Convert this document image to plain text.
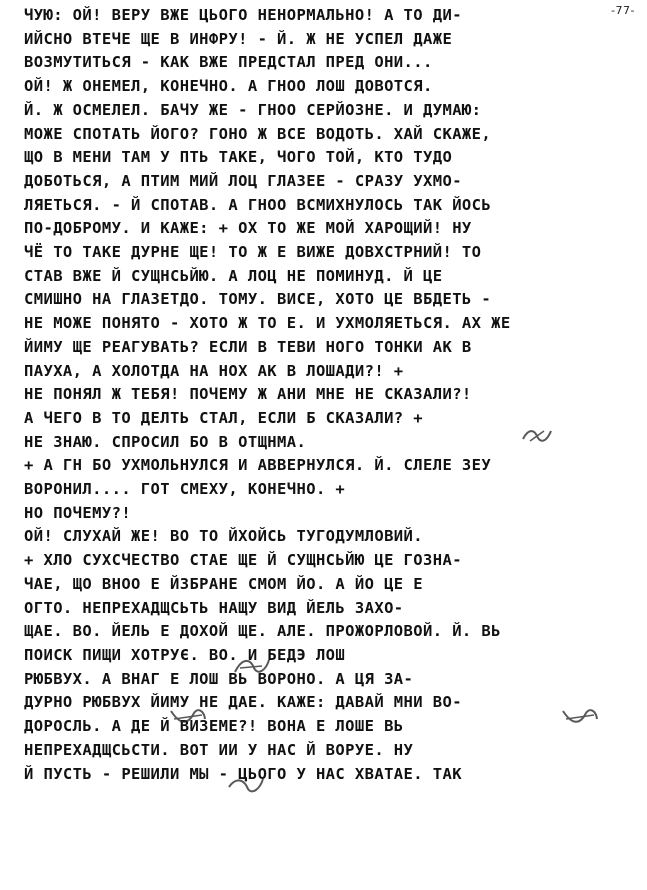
-77-
ЧУЮ: ОЙ! ВЕРУ ВЖЕ ЦЬОГО НЕНОРМАЛЬНО! А ТО ДИ-
ИЙСНО ВТЕЧЕ ЩЕ В ИНФРУ! - Й. Ж НЕ УСПЕЛ ДАЖЕ
ВОЗМУТИТЬСЯ - КАК ВЖЕ ПРЕДСТАЛ ПРЕД ОНИ...
ОЙ! Ж ОНЕМЕЛ, КОНЕЧНО. А ГНОО ЛОШ ДОВОТСЯ.
Й. Ж ОСМЕЛЕЛ. БАЧУ ЖЕ - ГНОО СЕРЙОЗНЕ. И ДУМАЮ:
МОЖЕ СПОТАТЬ ЙОГО? ГОНО Ж ВСЕ ВОДОТЬ. ХАЙ СКАЖЕ,
ЩО В МЕНИ ТАМ У ПТЬ ТАКЕ, ЧОГО ТОЙ, КТО ТУДО
ДОБОТЬСЯ, А ПТИМ МИЙ ЛОЦ ГЛАЗЕЕ - СРАЗУ УХМО-
ЛЯЕТЬСЯ. - Й СПОТАВ. А ГНОО ВСМИХНУЛОСЬ ТАК ЙОСЬ
ПО-ДОБРОМУ. И КАЖЕ: + ОХ ТО ЖЕ МОЙ ХАРОЩИЙ! НУ
ЧЁ ТО ТАКЕ ДУРНЕ ЩЕ! ТО Ж Е ВИЖЕ ДОВХСТРНИЙ! ТО
СТАВ ВЖЕ Й СУЩНСЬЙЮ. А ЛОЦ НЕ ПОМИНУД. Й ЦЕ
СМИШНО НА ГЛАЗЕТДО. ТОМУ. ВИСЕ, ХОТО ЦЕ ВБДЕТЬ -
НЕ МОЖЕ ПОНЯТО - ХОТО Ж ТО Е. И УХМОЛЯЕТЬСЯ. АХ ЖЕ
ЙИМУ ЩЕ РЕАГУВАТЬ? ЕСЛИ В ТЕВИ НОГО ТОНКИ АК В
ПАУХА, А ХОЛОТДА НА НОХ АК В ЛОШАДИ?! +
НЕ ПОНЯЛ Ж ТЕБЯ! ПОЧЕМУ Ж АНИ МНЕ НЕ СКАЗАЛИ?!
А ЧЕГО В ТО ДЕЛТЬ СТАЛ, ЕСЛИ Б СКАЗАЛИ? +
НЕ ЗНАЮ. СПРОСИЛ БО В ОТЩНМА.
+ А ГН БО УХМОЛЬНУЛСЯ И АВВЕРНУЛСЯ. Й. СЛЕЛЕ ЗЕУ
ВОРОНИЛ.... ГОТ СМЕХУ, КОНЕЧНО. +
НО ПОЧЕМУ?!
ОЙ! СЛУХАЙ ЖЕ! ВО ТО ЙХОЙСЬ ТУГОДУМЛОВИЙ.
+ ХЛО СУХСЧЕСТВО СТАЕ ЩЕ Й СУЩНСЬЙЮ ЦЕ ГОЗНА-
ЧАЕ, ЩО ВНОО Е ЙЗБРАНЕ СМОМ ЙО. А ЙО ЦЕ Е
ОГТО. НЕПРЕХАДЩСЬТЬ НАЩУ ВИД ЙЕЛЬ ЗАХО-
ЩАЕ. ВО. ЙЕЛЬ Е ДОХОЙ ЩЕ. АЛЕ. ПРОЖОРЛОВОЙ. Й. ВЬ
ПОИСК ПИЩИ ХОТРУЄ. ВО. И БЕДЭ ЛОШ
РЮБВУХ. А ВНАГ Е ЛОШ ВЬ ВОРОНО. А ЦЯ ЗА-
ДУРНО РЮБВУХ ЙИМУ НЕ ДАЕ. КАЖЕ: ДАВАЙ МНИ ВО-
ДОРОСЛЬ. А ДЕ Й ВИЗЕМЕ?! ВОНА Е ЛОШЕ ВЬ
НЕПРЕХАДЩСЬСТИ. ВОТ ИИ У НАС Й ВОРУЕ. НУ
Й ПУСТЬ - РЕШИЛИ МЫ - ЦЬОГО У НАС ХВАТАЕ. ТАК
